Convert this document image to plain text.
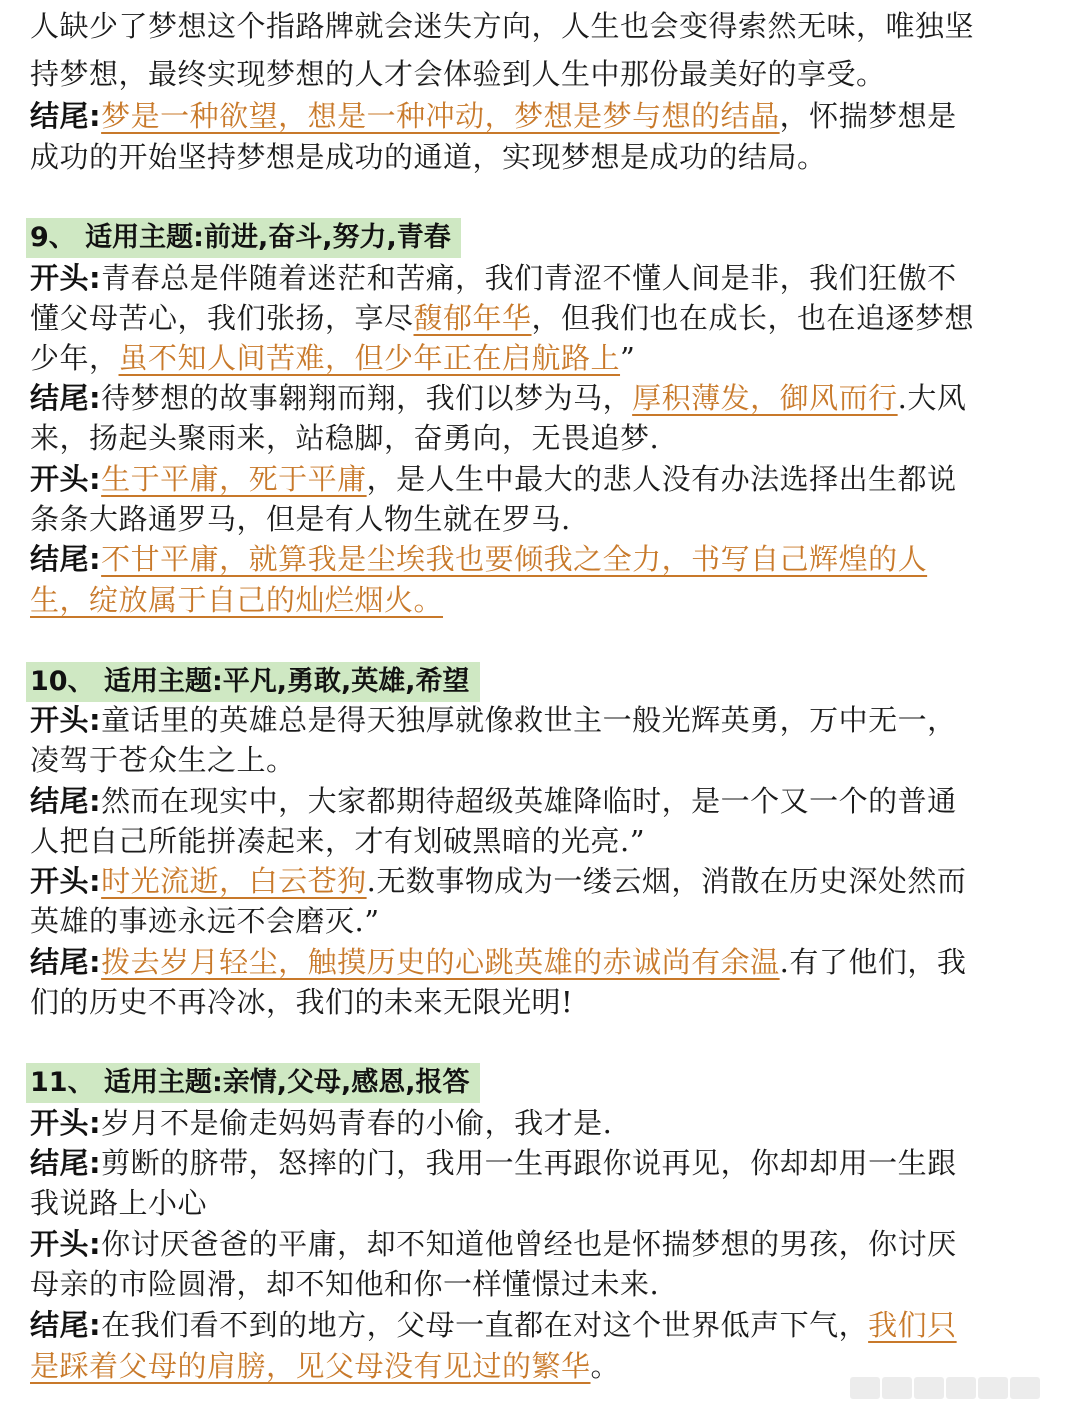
人缺少了梦想这个指路牌就会迷失方向，人生也会变得索然无味，唯独坚
持梦想，最终实现梦想的人才会体验到人生中那份最美好的享受。
结尾:梦是一种欲望，想是一种冲动，梦想是梦与想的结晶，怀揣梦想是
成功的开始坚持梦想是成功的通道，实现梦想是成功的结局。
9、 适用主题:前进,奋斗,努力,青春
开头:青春总是伴随着迷茫和苦痛，我们青涩不懂人间是非，我们狂傲不
懂父母苦心，我们张扬，享尽馥郁年华，但我们也在成长，也在追逐梦想
少年，虽不知人间苦难，但少年正在启航路上”
结尾:待梦想的故事翱翔而翔，我们以梦为马，厚积薄发，御风而行.大风
来，扬起头聚雨来，站稳脚，奋勇向，无畏追梦.
开头:生于平庸，死于平庸，是人生中最大的悲人没有办法选择出生都说
条条大路通罗马，但是有人物生就在罗马.
结尾:不甘平庸，就算我是尘埃我也要倾我之全力，书写自己辉煌的人
生，绽放属于自己的灿烂烟火。
10、 适用主题:平凡,勇敢,英雄,希望
开头:童话里的英雄总是得天独厚就像救世主一般光辉英勇，万中无一，
凌驾于苍众生之上。
结尾:然而在现实中，大家都期待超级英雄降临时，是一个又一个的普通
人把自己所能拼凑起来，才有划破黑暗的光亮.”
开头:时光流逝，白云苍狗.无数事物成为一缕云烟，消散在历史深处然而
英雄的事迹永远不会磨灭.”
结尾:拨去岁月轻尘，触摸历史的心跳英雄的赤诚尚有余温.有了他们，我
们的历史不再冷冰，我们的未来无限光明!
11、 适用主题:亲情,父母,感恩,报答
开头:岁月不是偷走妈妈青春的小偷，我才是.
结尾:剪断的脐带，怒摔的门，我用一生再跟你说再见，你却却用一生跟
我说路上小心
开头:你讨厌爸爸的平庸，却不知道他曾经也是怀揣梦想的男孩，你讨厌
母亲的市险圆滑，却不知他和你一样懂憬过未来.
结尾:在我们看不到的地方，父母一直都在对这个世界低声下气，我们只
是踩着父母的肩膀，见父母没有见过的繁华。
